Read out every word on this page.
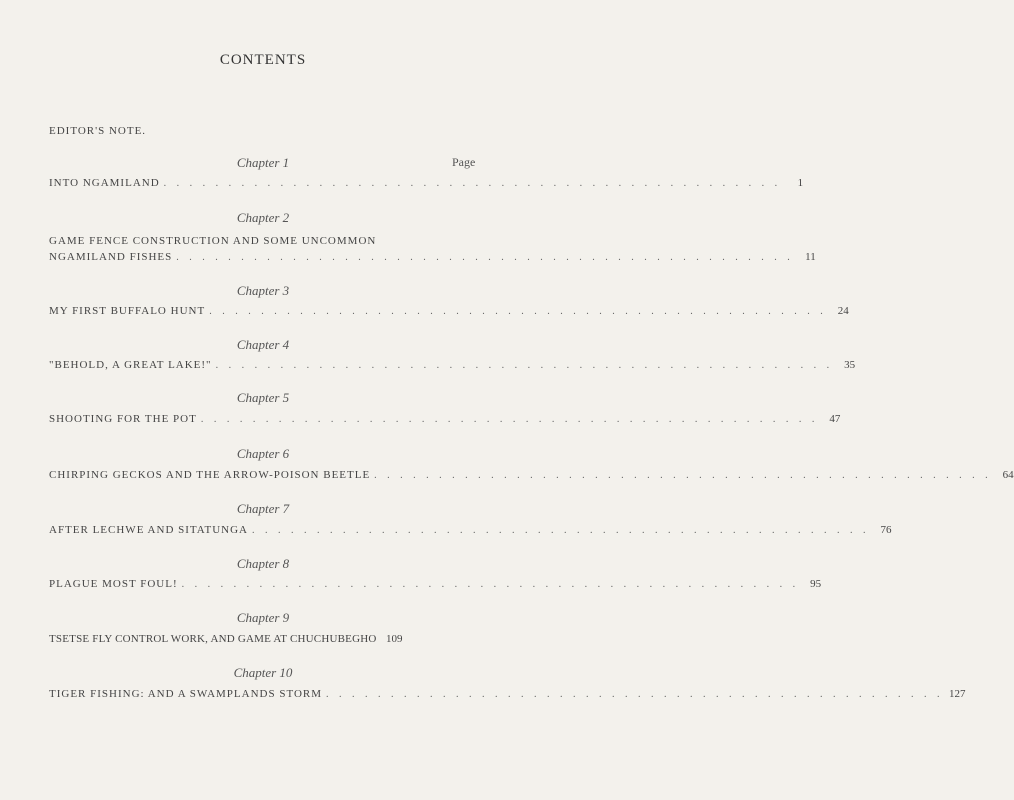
CONTENTS
EDITOR'S NOTE.
Page
Chapter 1
INTO NGAMILAND . . . . . . . . . . . . . . . . . . . . . . . . . . . . . . . . . . . . . . . . . . . . . . . .	1
Chapter 2
GAME FENCE CONSTRUCTION AND SOME UNCOMMON
NGAMILAND FISHES . . . . . . . . . . . . . . . . . . . . . . . . . . . . . . . . . . . . . . . . . . . . . . . .	11
Chapter 3
MY FIRST BUFFALO HUNT . . . . . . . . . . . . . . . . . . . . . . . . . . . . . . . . . . . . . . . . . . . . . . . .	24
Chapter 4
"BEHOLD, A GREAT LAKE!" . . . . . . . . . . . . . . . . . . . . . . . . . . . . . . . . . . . . . . . . . . . . . . . .	35
Chapter 5
SHOOTING FOR THE POT . . . . . . . . . . . . . . . . . . . . . . . . . . . . . . . . . . . . . . . . . . . . . . . .	47
Chapter 6
CHIRPING GECKOS AND THE ARROW-POISON BEETLE . . . . . . . . . . . . . . . . . . . . . . . . . . . . . . . . . . . . . . . . . . . . . . . .	64
Chapter 7
AFTER LECHWE AND SITATUNGA . . . . . . . . . . . . . . . . . . . . . . . . . . . . . . . . . . . . . . . . . . . . . . . .	76
Chapter 8
PLAGUE MOST FOUL! . . . . . . . . . . . . . . . . . . . . . . . . . . . . . . . . . . . . . . . . . . . . . . . .	95
Chapter 9
TSETSE FLY CONTROL WORK, AND GAME AT CHUCHUBEGHO 109
Chapter 10
TIGER FISHING: AND A SWAMPLANDS STORM . . . . . . . . . . . . . . . . . . . . . . . . . . . . . . . . . . . . . . . . . . . . . . . . 127
